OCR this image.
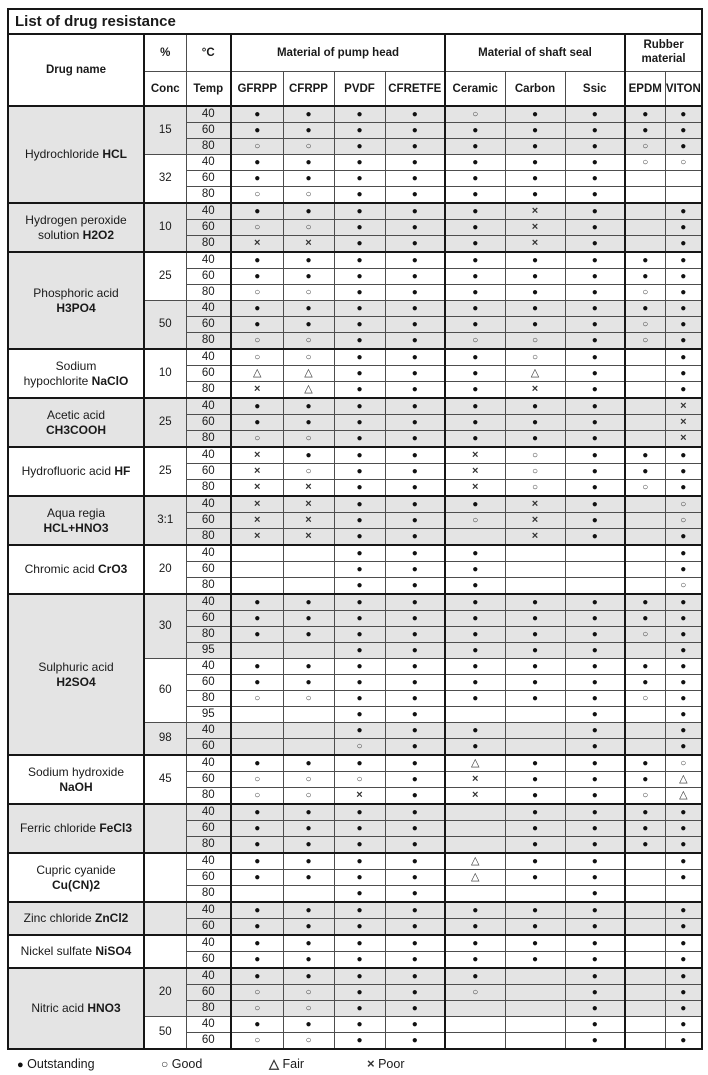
List of drug resistance											
Drug name	%	°C	Material of pump head				Material of shaft seal			Rubber material	
	Conc	Temp	GFRPP	CFRPP	PVDF	CFRETFE	Ceramic	Carbon	Ssic	EPDM	VITON
Hydrochloride HCL	15	40	●	●	●	●	○	●	●	●	●
		60	●	●	●	●	●	●	●	●	●
		80	○	○	●	●	●	●	●	○	●
	32	40	●	●	●	●	●	●	●	○	○
		60	●	●	●	●	●	●	●		
		80	○	○	●	●	●	●	●		
Hydrogen peroxide
solution H2O2	10	40	●	●	●	●	●	×	●		●
		60	○	○	●	●	●	×	●		●
		80	×	×	●	●	●	×	●		●
Phosphoric acid
H3PO4	25	40	●	●	●	●	●	●	●	●	●
		60	●	●	●	●	●	●	●	●	●
		80	○	○	●	●	●	●	●	○	●
	50	40	●	●	●	●	●	●	●	●	●
		60	●	●	●	●	●	●	●	○	●
		80	○	○	●	●	○	○	●	○	●
Sodium
hypochlorite NaClO	10	40	○	○	●	●	●	○	●		●
		60	△	△	●	●	●	△	●		●
		80	×	△	●	●	●	×	●		●
Acetic acid
CH3COOH	25	40	●	●	●	●	●	●	●		×
		60	●	●	●	●	●	●	●		×
		80	○	○	●	●	●	●	●		×
Hydrofluoric acid HF	25	40	×	●	●	●	×	○	●	●	●
		60	×	○	●	●	×	○	●	●	●
		80	×	×	●	●	×	○	●	○	●
Aqua regia
HCL+HNO3	3:1	40	×	×	●	●	●	×	●		○
		60	×	×	●	●	○	×	●		○
		80	×	×	●	●		×	●		●
Chromic acid CrO3	20	40			●	●	●				●
		60			●	●	●				●
		80			●	●	●				○
Sulphuric acid
H2SO4	30	40	●	●	●	●	●	●	●	●	●
		60	●	●	●	●	●	●	●	●	●
		80	●	●	●	●	●	●	●	○	●
		95			●	●	●	●	●		●
	60	40	●	●	●	●	●	●	●	●	●
		60	●	●	●	●	●	●	●	●	●
		80	○	○	●	●	●	●	●	○	●
		95			●	●			●		●
	98	40			●	●	●		●		●
		60			○	●	●		●		●
Sodium hydroxide
NaOH	45	40	●	●	●	●	△	●	●	●	○
		60	○	○	○	●	×	●	●	●	△
		80	○	○	×	●	×	●	●	○	△
Ferric chloride FeCl3		40	●	●	●	●		●	●	●	●
		60	●	●	●	●		●	●	●	●
		80	●	●	●	●		●	●	●	●
Cupric cyanide
Cu(CN)2		40	●	●	●	●	△	●	●		●
		60	●	●	●	●	△	●	●		●
		80			●	●			●		
Zinc chloride ZnCl2		40	●	●	●	●	●	●	●		●
		60	●	●	●	●	●	●	●		●
Nickel sulfate NiSO4		40	●	●	●	●	●	●	●		●
		60	●	●	●	●	●	●	●		●
Nitric acid HNO3	20	40	●	●	●	●	●		●		●
		60	○	○	●	●	○		●		●
		80	○	○	●	●			●		●
	50	40	●	●	●	●			●		●
		60	○	○	●	●			●		●
● Outstanding	○ Good	△ Fair	× Poor
